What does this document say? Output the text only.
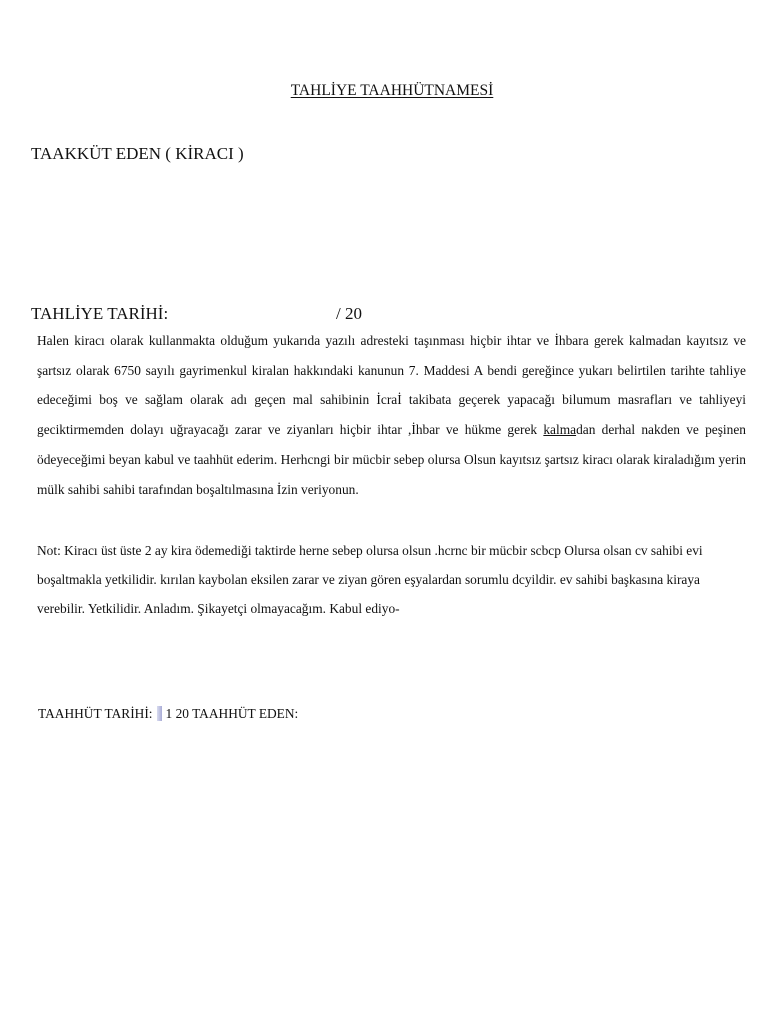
TAHLİYE TAAHHÜTNAMESİ
TAAKKÜT EDEN ( KİRACI )
TAHLİYE TARİHİ:	/ 20
Halen kiracı olarak kullanmakta olduğum yukarıda yazılı adresteki taşınması hiçbir ihtar ve İhbara gerek kalmadan kayıtsız ve şartsız olarak 6750 sayılı gayrimenkul kiralan hakkındaki kanunun 7. Maddesi A bendi gereğince yukarı belirtilen tarihte tahliye edeceğimi boş ve sağlam olarak adı geçen mal sahibinin İcraİ takibata geçerek yapacağı bilumum masrafları ve tahliyeyi geciktirmemden dolayı uğrayacağı zarar ve ziyanları hiçbir ihtar ,İhbar ve hükme gerek kalmadan derhal nakden ve peşinen ödeyeceğimi beyan kabul ve taahhüt ederim. Herhcngi bir mücbir sebep olursa Olsun kayıtsız şartsız kiracı olarak kiraladığım yerin mülk sahibi sahibi tarafından boşaltılmasına İzin veriyonun.
Not: Kiracı üst üste 2 ay kira ödemediği taktirde herne sebep olursa olsun .hcrnc bir mücbir scbcp Olursa olsan cv sahibi evi boşaltmakla yetkilidir. kırılan kaybolan eksilen zarar ve ziyan gören eşyalardan sorumlu dcyildir. ev sahibi başkasına kiraya verebilir. Yetkilidir. Anladım. Şikayetçi olmayacağım. Kabul ediyo-
TAAHHÜT TARİHİ: 1 20 TAAHHÜT EDEN:
